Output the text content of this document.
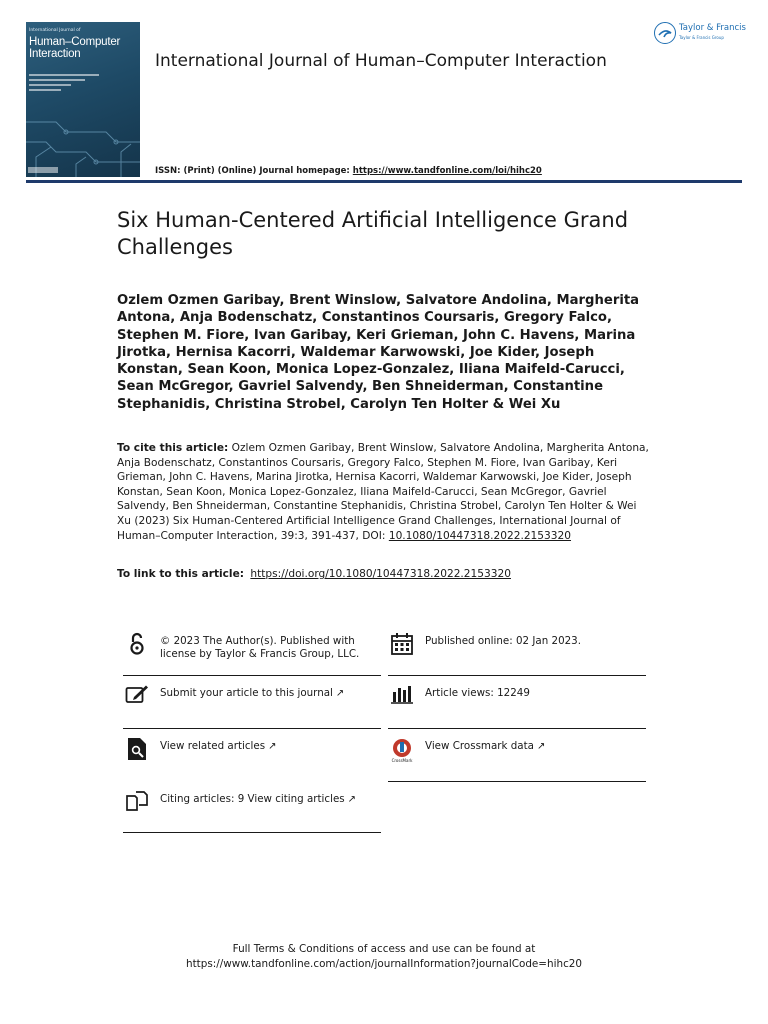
International Journal of
Human–Computer
Interaction	International Journal of Human–Computer Interaction
Taylor & Francis
Taylor & Francis Group
ISSN: (Print) (Online) Journal homepage: https://www.tandfonline.com/loi/hihc20
Six Human-Centered Artificial Intelligence Grand Challenges
Ozlem Ozmen Garibay, Brent Winslow, Salvatore Andolina, Margherita Antona, Anja Bodenschatz, Constantinos Coursaris, Gregory Falco, Stephen M. Fiore, Ivan Garibay, Keri Grieman, John C. Havens, Marina Jirotka, Hernisa Kacorri, Waldemar Karwowski, Joe Kider, Joseph Konstan, Sean Koon, Monica Lopez-Gonzalez, Iliana Maifeld-Carucci, Sean McGregor, Gavriel Salvendy, Ben Shneiderman, Constantine Stephanidis, Christina Strobel, Carolyn Ten Holter & Wei Xu
To cite this article: Ozlem Ozmen Garibay, Brent Winslow, Salvatore Andolina, Margherita Antona, Anja Bodenschatz, Constantinos Coursaris, Gregory Falco, Stephen M. Fiore, Ivan Garibay, Keri Grieman, John C. Havens, Marina Jirotka, Hernisa Kacorri, Waldemar Karwowski, Joe Kider, Joseph Konstan, Sean Koon, Monica Lopez-Gonzalez, Iliana Maifeld-Carucci, Sean McGregor, Gavriel Salvendy, Ben Shneiderman, Constantine Stephanidis, Christina Strobel, Carolyn Ten Holter & Wei Xu (2023) Six Human-Centered Artificial Intelligence Grand Challenges, International Journal of Human–Computer Interaction, 39:3, 391-437, DOI: 10.1080/10447318.2022.2153320
To link to this article: https://doi.org/10.1080/10447318.2022.2153320
© 2023 The Author(s). Published with license by Taylor & Francis Group, LLC.
Submit your article to this journal ↗︎
View related articles ↗︎
Citing articles: 9 View citing articles ↗︎
Published online: 02 Jan 2023.
Article views: 12249
CrossMark
View Crossmark data ↗︎
Full Terms & Conditions of access and use can be found at
https://www.tandfonline.com/action/journalInformation?journalCode=hihc20
